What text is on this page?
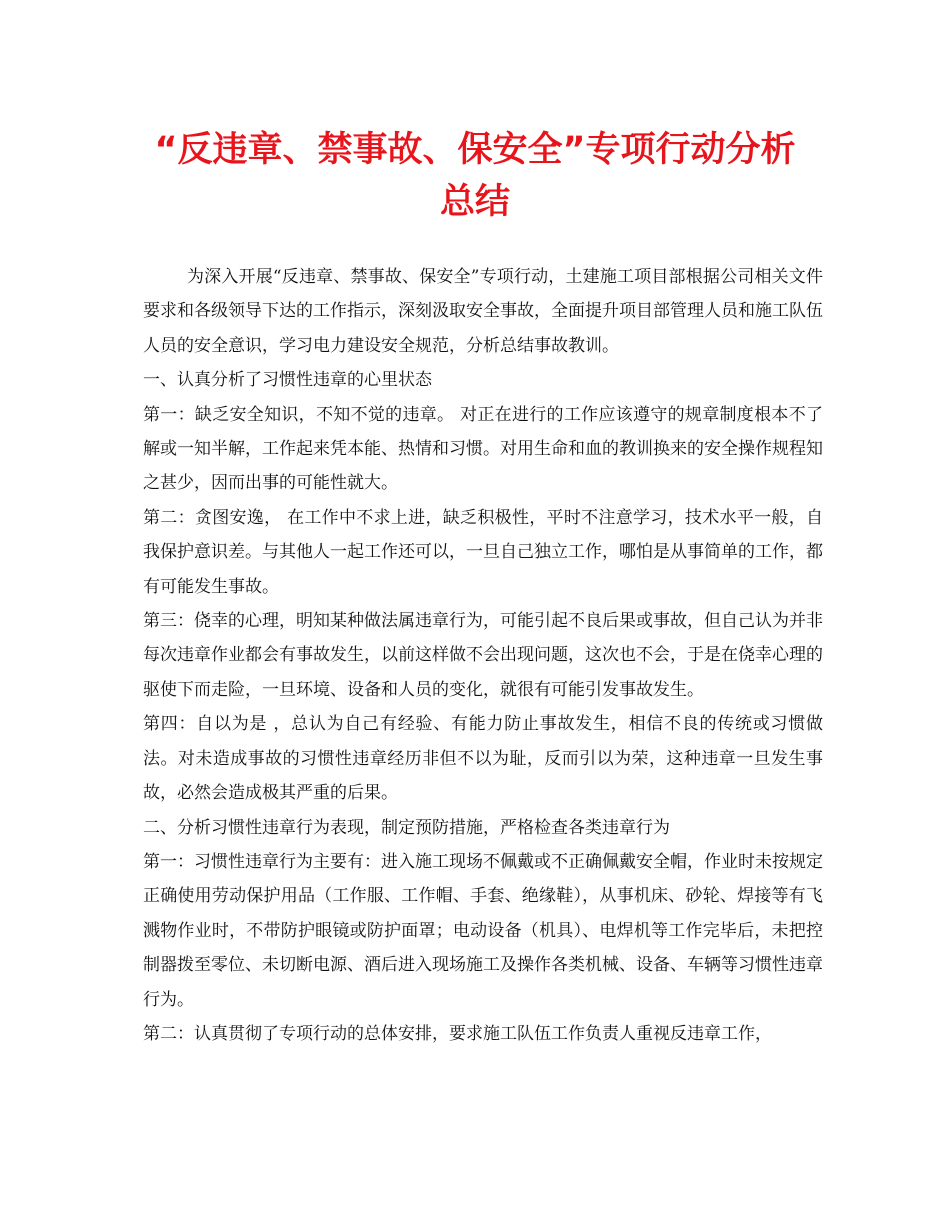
“反违章、禁事故、保安全”专项行动分析
总结

为深入开展“反违章、禁事故、保安全”专项行动，土建施工项目部根据公司相关文件要求和各级领导下达的工作指示，深刻汲取安全事故，全面提升项目部管理人员和施工队伍人员的安全意识，学习电力建设安全规范，分析总结事故教训。

一、认真分析了习惯性违章的心里状态

第一：缺乏安全知识，不知不觉的违章。 对正在进行的工作应该遵守的规章制度根本不了解或一知半解，工作起来凭本能、热情和习惯。对用生命和血的教训换来的安全操作规程知之甚少，因而出事的可能性就大。

第二：贪图安逸， 在工作中不求上进，缺乏积极性，平时不注意学习，技术水平一般，自我保护意识差。与其他人一起工作还可以，一旦自己独立工作，哪怕是从事简单的工作，都有可能发生事故。

第三：侥幸的心理，明知某种做法属违章行为，可能引起不良后果或事故，但自己认为并非每次违章作业都会有事故发生，以前这样做不会出现问题，这次也不会，于是在侥幸心理的驱使下而走险，一旦环境、设备和人员的变化，就很有可能引发事故发生。

第四：自以为是 ，总认为自己有经验、有能力防止事故发生，相信不良的传统或习惯做法。对未造成事故的习惯性违章经历非但不以为耻，反而引以为荣，这种违章一旦发生事故，必然会造成极其严重的后果。

二、分析习惯性违章行为表现，制定预防措施，严格检查各类违章行为

第一：习惯性违章行为主要有：进入施工现场不佩戴或不正确佩戴安全帽，作业时未按规定正确使用劳动保护用品（工作服、工作帽、手套、绝缘鞋），从事机床、砂轮、焊接等有飞溅物作业时，不带防护眼镜或防护面罩；电动设备（机具）、电焊机等工作完毕后，未把控制器拨至零位、未切断电源、酒后进入现场施工及操作各类机械、设备、车辆等习惯性违章行为。

第二：认真贯彻了专项行动的总体安排，要求施工队伍工作负责人重视反违章工作，
